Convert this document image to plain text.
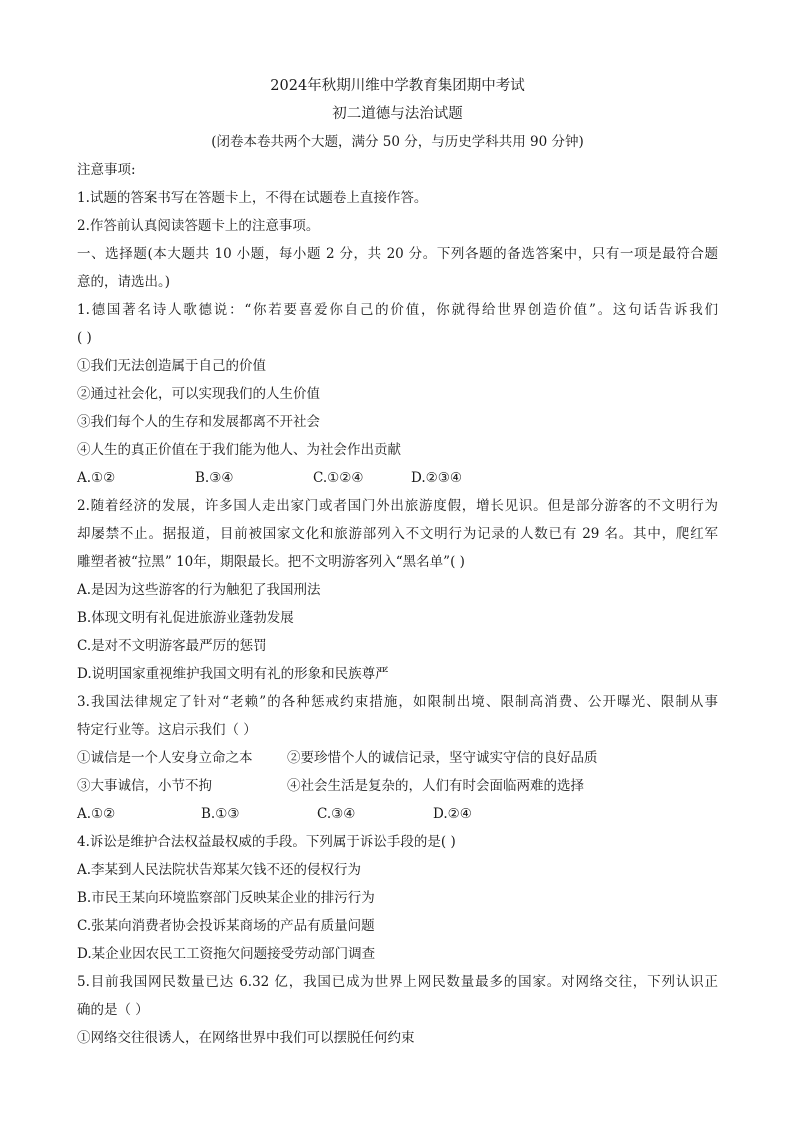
2024年秋期川维中学教育集团期中考试
初二道德与法治试题
(闭卷本卷共两个大题，满分 50 分，与历史学科共用 90 分钟)
注意事项:
1.试题的答案书写在答题卡上，不得在试题卷上直接作答。
2.作答前认真阅读答题卡上的注意事项。
一、选择题(本大题共 10 小题，每小题 2 分，共 20 分。下列各题的备选答案中，只有一项是最符合题
意的，请选出。)
1.德国著名诗人歌德说：“你若要喜爱你自己的价值，你就得给世界创造价值”。这句话告诉我们
( )
①我们无法创造属于自己的价值
②通过社会化，可以实现我们的人生价值
③我们每个人的生存和发展都离不开社会
④人生的真正价值在于我们能为他人、为社会作出贡献
A.①②	B.③④	C.①②④	D.②③④
2.随着经济的发展，许多国人走出家门或者国门外出旅游度假，增长见识。但是部分游客的不文明行为
却屡禁不止。据报道，目前被国家文化和旅游部列入不文明行为记录的人数已有 29 名。其中，爬红军
雕塑者被“拉黑” 10年，期限最长。把不文明游客列入“黑名单”( )
A.是因为这些游客的行为触犯了我国刑法
B.体现文明有礼促进旅游业蓬勃发展
C.是对不文明游客最严厉的惩罚
D.说明国家重视维护我国文明有礼的形象和民族尊严
3.我国法律规定了针对“老赖”的各种惩戒约束措施，如限制出境、限制高消费、公开曝光、限制从事
特定行业等。这启示我们（ ）
①诚信是一个人安身立命之本	②要珍惜个人的诚信记录，坚守诚实守信的良好品质
③大事诚信，小节不拘	④社会生活是复杂的，人们有时会面临两难的选择
A.①②	B.①③	C.③④	D.②④
4.诉讼是维护合法权益最权威的手段。下列属于诉讼手段的是( )
A.李某到人民法院状告郑某欠钱不还的侵权行为
B.市民王某向环境监察部门反映某企业的排污行为
C.张某向消费者协会投诉某商场的产品有质量问题
D.某企业因农民工工资拖欠问题接受劳动部门调查
5.目前我国网民数量已达 6.32 亿，我国已成为世界上网民数量最多的国家。对网络交往，下列认识正
确的是（ ）
①网络交往很诱人，在网络世界中我们可以摆脱任何约束
